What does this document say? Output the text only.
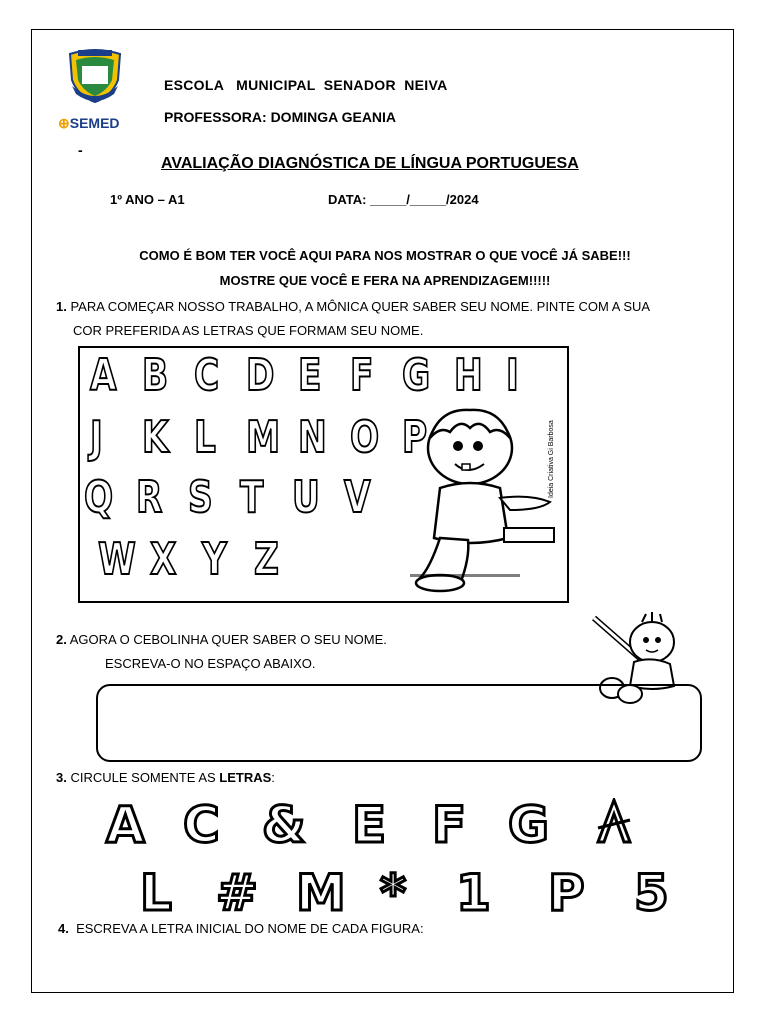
⊕SEMED
ESCOLA   MUNICIPAL  SENADOR  NEIVA
PROFESSORA: DOMINGA GEANIA
-
AVALIAÇÃO DIAGNÓSTICA DE LÍNGUA PORTUGUESA
1º ANO – A1	DATA: _____/_____/2024
COMO É BOM TER VOCÊ AQUI PARA NOS MOSTRAR O QUE VOCÊ JÁ SABE!!!
MOSTRE QUE VOCÊ E FERA NA APRENDIZAGEM!!!!!
1. PARA COMEÇAR NOSSO TRABALHO, A MÔNICA QUER SABER SEU NOME. PINTE COM A SUA
COR PREFERIDA AS LETRAS QUE FORMAM SEU NOME.
A B C D E F G H I
J K L M N O P
Q R S T U V
W X Y Z
Ideia Criativa Gi Barbosa
2. AGORA O CEBOLINHA QUER SABER O SEU NOME.
ESCREVA-O NO ESPAÇO ABAIXO.
3. CIRCULE SOMENTE AS LETRAS:
4. ESCREVA A LETRA INICIAL DO NOME DE CADA FIGURA:
A C & E F G
L # M * 1 P 5
